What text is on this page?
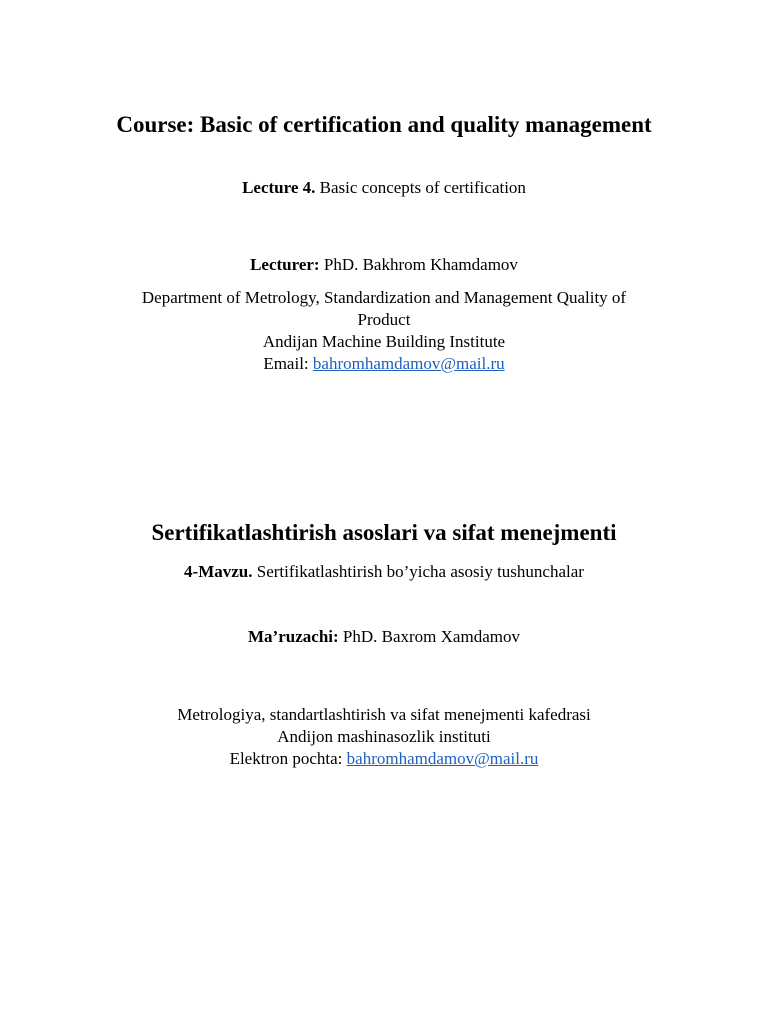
Course: Basic of certification and quality management
Lecture 4. Basic concepts of certification
Lecturer: PhD. Bakhrom Khamdamov
Department of Metrology, Standardization and Management Quality of
Product
Andijan Machine Building Institute
Email: bahromhamdamov@mail.ru
Sertifikatlashtirish asoslari va sifat menejmenti
4-Mavzu. Sertifikatlashtirish bo’yicha asosiy tushunchalar
Ma’ruzachi: PhD. Baxrom Xamdamov
Metrologiya, standartlashtirish va sifat menejmenti kafedrasi
Andijon mashinasozlik instituti
Elektron pochta: bahromhamdamov@mail.ru
